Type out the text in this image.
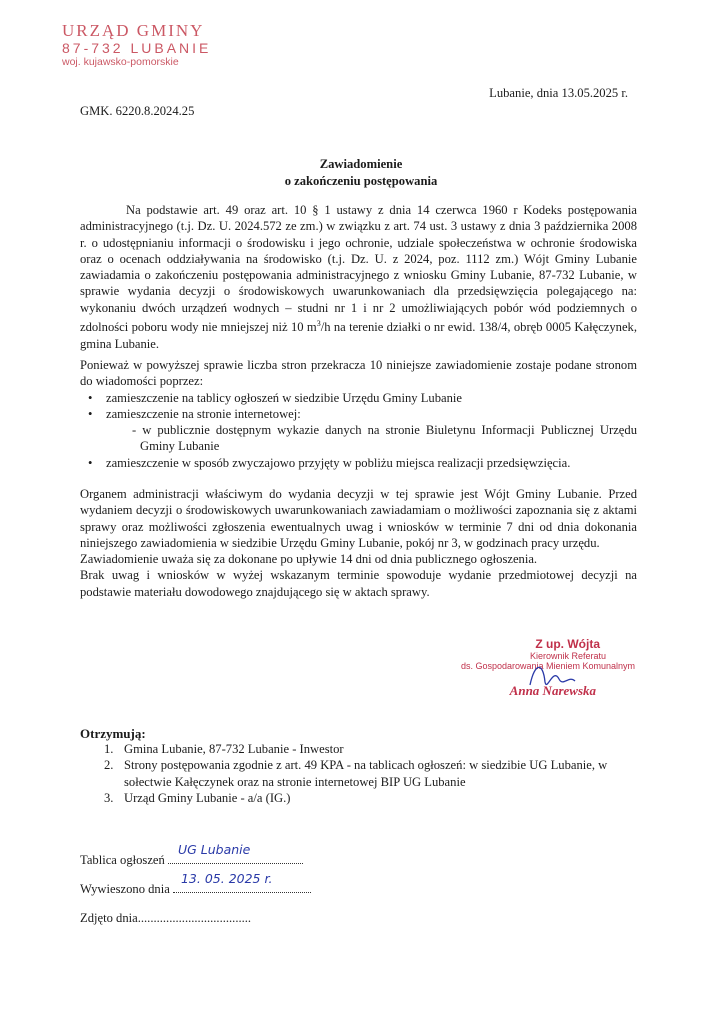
URZĄD GMINY
87-732 LUBANIE
woj. kujawsko-pomorskie
Lubanie, dnia 13.05.2025 r.
GMK. 6220.8.2024.25
Zawiadomienie
o zakończeniu postępowania
Na podstawie art. 49 oraz art. 10 § 1 ustawy z dnia 14 czerwca 1960 r Kodeks postępowania administracyjnego (t.j. Dz. U. 2024.572 ze zm.) w związku z art. 74 ust. 3 ustawy z dnia 3 października 2008 r. o udostępnianiu informacji o środowisku i jego ochronie, udziale społeczeństwa w ochronie środowiska oraz o ocenach oddziaływania na środowisko (t.j. Dz. U. z 2024, poz. 1112 zm.) Wójt Gminy Lubanie zawiadamia o zakończeniu postępowania administracyjnego z wniosku Gminy Lubanie, 87-732 Lubanie, w sprawie wydania decyzji o środowiskowych uwarunkowaniach dla przedsięwzięcia polegającego na: wykonaniu dwóch urządzeń wodnych – studni nr 1 i nr 2 umożliwiających pobór wód podziemnych o zdolności poboru wody nie mniejszej niż 10 $m^3/h$ na terenie działki o nr ewid. 138/4, obręb 0005 Kałęczynek, gmina Lubanie.
Ponieważ w powyższej sprawie liczba stron przekracza 10 niniejsze zawiadomienie zostaje podane stronom do wiadomości poprzez:
• zamieszczenie na tablicy ogłoszeń w siedzibie Urzędu Gminy Lubanie
• zamieszczenie na stronie internetowej:
- w publicznie dostępnym wykazie danych na stronie Biuletynu Informacji Publicznej Urzędu Gminy Lubanie
• zamieszczenie w sposób zwyczajowo przyjęty w pobliżu miejsca realizacji przedsięwzięcia.
Organem administracji właściwym do wydania decyzji w tej sprawie jest Wójt Gminy Lubanie. Przed wydaniem decyzji o środowiskowych uwarunkowaniach zawiadamiam o możliwości zapoznania się z aktami sprawy oraz możliwości zgłoszenia ewentualnych uwag i wniosków w terminie 7 dni od dnia dokonania niniejszego zawiadomienia w siedzibie Urzędu Gminy Lubanie, pokój nr 3, w godzinach pracy urzędu.
Zawiadomienie uważa się za dokonane po upływie 14 dni od dnia publicznego ogłoszenia.
Brak uwag i wniosków w wyżej wskazanym terminie spowoduje wydanie przedmiotowej decyzji na podstawie materiału dowodowego znajdującego się w aktach sprawy.
Z up. Wójta
Kierownik Referatu
ds. Gospodarowania Mieniem Komunalnym
Anna Narewska
Otrzymują:
1. Gmina Lubanie, 87-732 Lubanie - Inwestor
2. Strony postępowania zgodnie z art. 49 KPA - na tablicach ogłoszeń: w siedzibie UG Lubanie, w sołectwie Kałęczynek oraz na stronie internetowej BIP UG Lubanie
3. Urząd Gminy Lubanie - a/a (IG.)
Tablica ogłoszeń
UG Lubanie
Wywieszono dnia
13. 05. 2025 r.
Zdjęto dnia....................................
